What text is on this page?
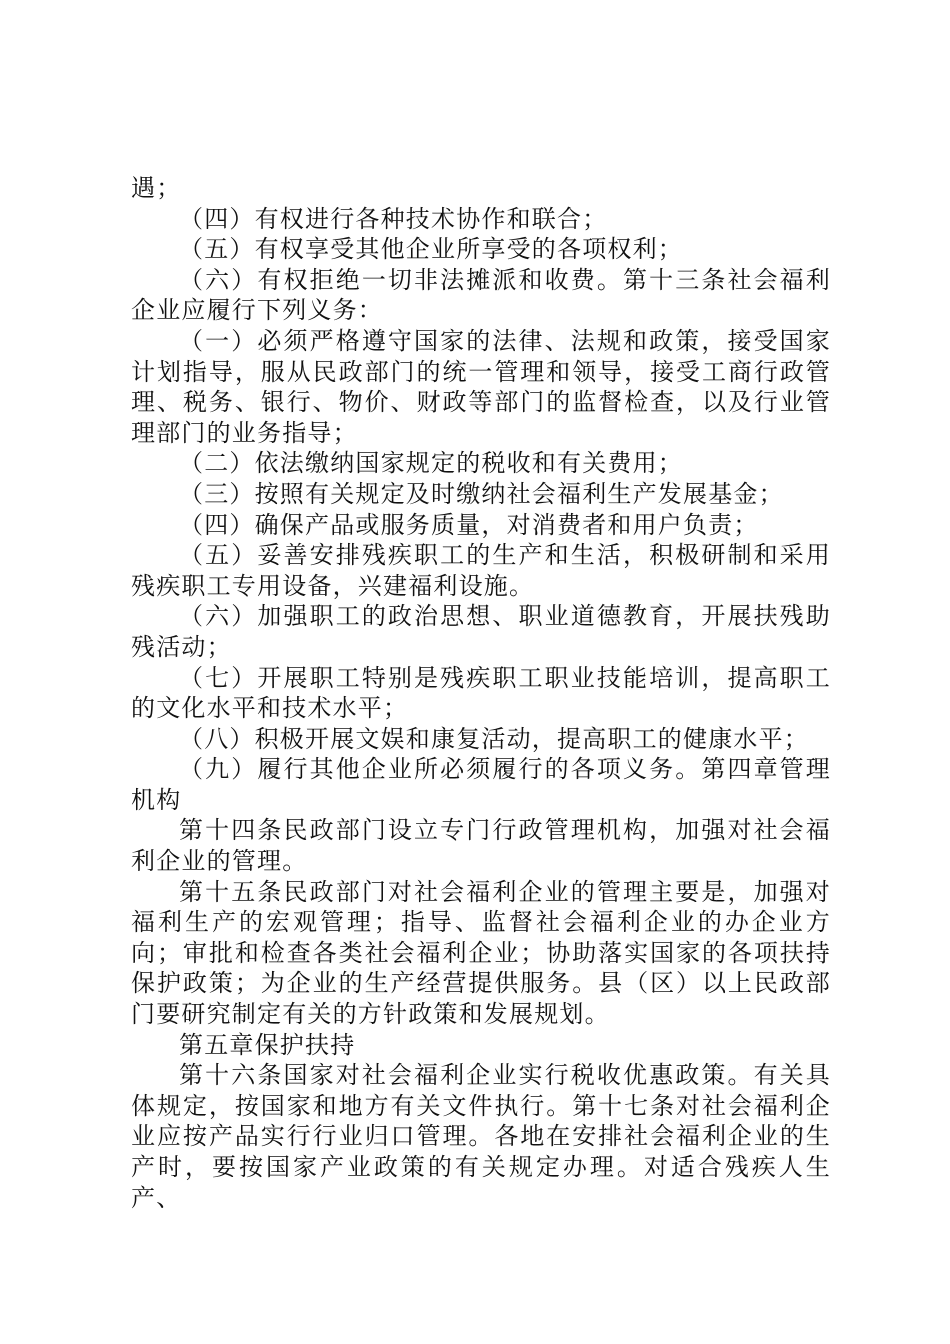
遇；

（四）有权进行各种技术协作和联合；

（五）有权享受其他企业所享受的各项权利；

（六）有权拒绝一切非法摊派和收费。第十三条社会福利企业应履行下列义务：

（一）必须严格遵守国家的法律、法规和政策，接受国家计划指导，服从民政部门的统一管理和领导，接受工商行政管理、税务、银行、物价、财政等部门的监督检查，以及行业管理部门的业务指导；

（二）依法缴纳国家规定的税收和有关费用；

（三）按照有关规定及时缴纳社会福利生产发展基金；

（四）确保产品或服务质量，对消费者和用户负责；

（五）妥善安排残疾职工的生产和生活，积极研制和采用残疾职工专用设备，兴建福利设施。

（六）加强职工的政治思想、职业道德教育，开展扶残助残活动；

（七）开展职工特别是残疾职工职业技能培训，提高职工的文化水平和技术水平；

（八）积极开展文娱和康复活动，提高职工的健康水平；

（九）履行其他企业所必须履行的各项义务。第四章管理机构

第十四条民政部门设立专门行政管理机构，加强对社会福利企业的管理。

第十五条民政部门对社会福利企业的管理主要是，加强对福利生产的宏观管理；指导、监督社会福利企业的办企业方向；审批和检查各类社会福利企业；协助落实国家的各项扶持保护政策；为企业的生产经营提供服务。县（区）以上民政部门要研究制定有关的方针政策和发展规划。

第五章保护扶持

第十六条国家对社会福利企业实行税收优惠政策。有关具体规定，按国家和地方有关文件执行。第十七条对社会福利企业应按产品实行行业归口管理。各地在安排社会福利企业的生产时，要按国家产业政策的有关规定办理。对适合残疾人生产、
